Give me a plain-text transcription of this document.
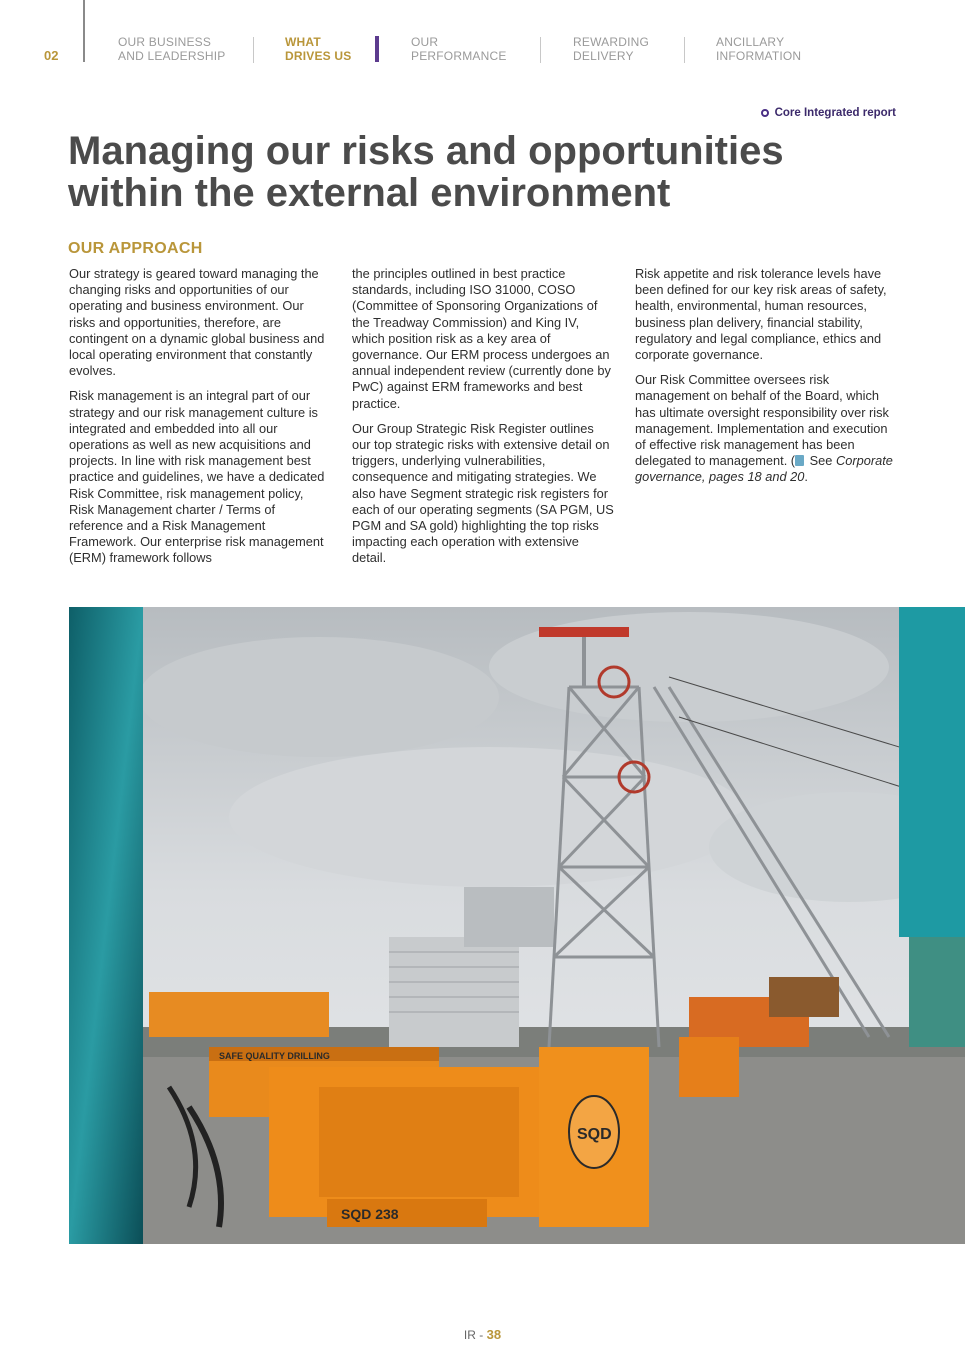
02
OUR BUSINESS
AND LEADERSHIP
WHAT
DRIVES US
OUR
PERFORMANCE
REWARDING
DELIVERY
ANCILLARY
INFORMATION
Core Integrated report
Managing our risks and opportunities
within the external environment
OUR APPROACH

Our strategy is geared toward managing the changing risks and opportunities of our operating and business environment. Our risks and opportunities, therefore, are contingent on a dynamic global business and local operating environment that constantly evolves.

Risk management is an integral part of our strategy and our risk management culture is integrated and embedded into all our operations as well as new acquisitions and projects. In line with risk management best practice and guidelines, we have a dedicated Risk Committee, risk management policy, Risk Management charter / Terms of reference and a Risk Management Framework. Our enterprise risk management (ERM) framework follows

the principles outlined in best practice standards, including ISO 31000, COSO (Committee of Sponsoring Organizations of the Treadway Commission) and King IV, which position risk as a key area of governance. Our ERM process undergoes an annual independent review (currently done by PwC) against ERM frameworks and best practice.

Our Group Strategic Risk Register outlines our top strategic risks with extensive detail on triggers, underlying vulnerabilities, consequence and mitigating strategies. We also have Segment strategic risk registers for each of our operating segments (SA PGM, US PGM and SA gold) highlighting the top risks impacting each operation with extensive detail.

Risk appetite and risk tolerance levels have been defined for our key risk areas of safety, health, environmental, human resources, business plan delivery, financial stability, regulatory and legal compliance, ethics and corporate governance.

Our Risk Committee oversees risk management on behalf of the Board, which has ultimate oversight responsibility over risk management. Implementation and execution of effective risk management has been delegated to management. ( See Corporate governance, pages 18 and 20.

SAFE QUALITY DRILLING
SQD
SQD 238
IR - 38
